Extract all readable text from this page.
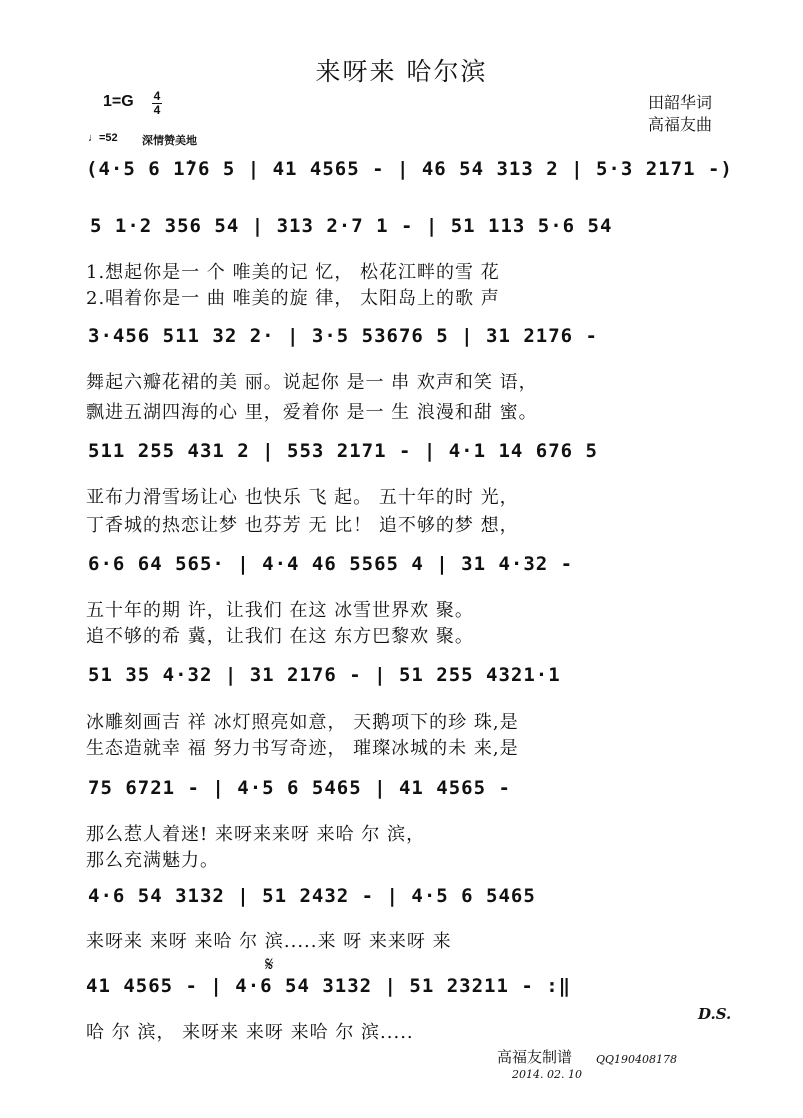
来呀来 哈尔滨
田韶华词
高福友曲
1=G 4
4
♩=52 深情赞美地
(4·5 6 1̇76 5 | 41 4565 - | 46 54 313 2 | 5·3 2171 -)
5 1·2 356 54 | 313 2·7 1 - | 51 113 5·6 54
1.想起你是一 个 唯美的记 忆， 松花江畔的雪 花
2.唱着你是一 曲 唯美的旋 律， 太阳岛上的歌 声
3·456 511 32 2· | 3·5 53676 5 | 31 2176 -
舞起六瓣花裙的美 丽。说起你 是一 串 欢声和笑 语，
飘进五湖四海的心 里，爱着你 是一 生 浪漫和甜 蜜。
511 255 431 2 | 553 2171 - | 4·1 14 676 5
亚布力滑雪场让心 也快乐 飞 起。 五十年的时 光，
丁香城的热恋让梦 也芬芳 无 比！ 追不够的梦 想，
6·6 64 565· | 4·4 46 5565 4 | 31 4·32 -
五十年的期 许，让我们 在这 冰雪世界欢 聚。
追不够的希 冀，让我们 在这 东方巴黎欢 聚。
51 35 4·32 | 31 2176 - | 51 255 4321·1
冰雕刻画吉 祥 冰灯照亮如意， 天鹅项下的珍 珠,是
生态造就幸 福 努力书写奇迹， 璀璨冰城的未 来,是
75 6721 - | 4·5 6 5465 | 41 4565 -
那么惹人着迷! 来呀来来呀 来哈 尔 滨，
那么充满魅力。
4·6 54 3132 | 51 2432 - | 4·5 6 5465
来呀来 来呀 来哈 尔 滨.....来 呀 来来呀 来
𝄋
41 4565 - | 4·6 54 3132 | 51 23211 - :‖
哈 尔 滨， 来呀来 来呀 来哈 尔 滨.....
D.S.
高福友制谱
2014. 02. 10
QQ190408178
